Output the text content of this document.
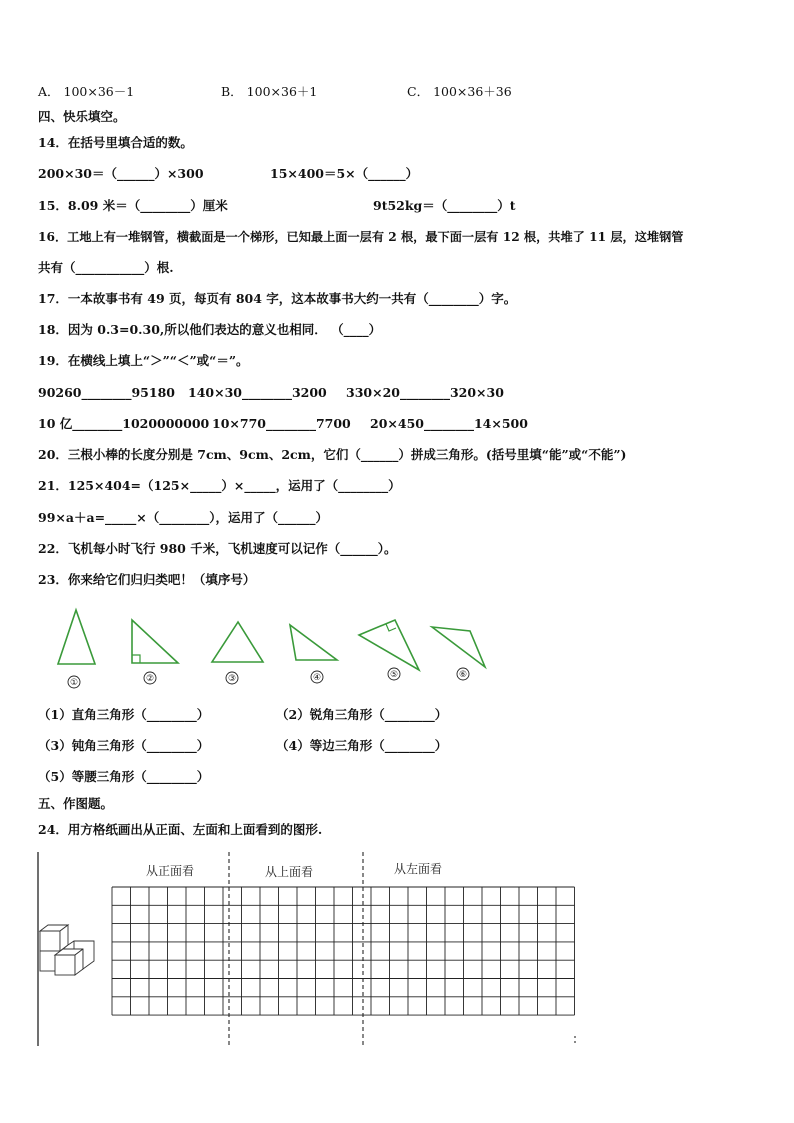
A． 100×36－1	B． 100×36＋1	C． 100×36＋36
四、快乐填空。
14．在括号里填合适的数。
200×30＝（______）×300	15×400＝5×（______）
15．8.09 米＝（________）厘米	9t52kg＝（________）t
16．工地上有一堆钢管，横截面是一个梯形，已知最上面一层有 2 根，最下面一层有 12 根，共堆了 11 层，这堆钢管
共有（___________）根.
17．一本故事书有 49 页，每页有 804 字，这本故事书大约一共有（________）字。
18．因为 0.3=0.30,所以他们表达的意义也相同． （____）
19．在横线上填上“＞”“＜”或“＝”。
90260________95180 140×30________3200 330×20________320×30
10 亿________1020000000 10×770________7700 20×450________14×500
20．三根小棒的长度分别是 7cm、9cm、2cm，它们（______）拼成三角形。(括号里填“能”或“不能”)
21．125×404=（125×_____）×_____，运用了（________）
99×a＋a=_____×（________），运用了（______）
22．飞机每小时飞行 980 千米，飞机速度可以记作（______）。
23．你来给它们归归类吧！（填序号）
①	②	③	④	⑤	⑥
（1）直角三角形（________）	（2）锐角三角形（________）
（3）钝角三角形（________）	（4）等边三角形（________）
（5）等腰三角形（________）
五、作图题。
24．用方格纸画出从正面、左面和上面看到的图形.
从正面看	从上面看	从左面看
